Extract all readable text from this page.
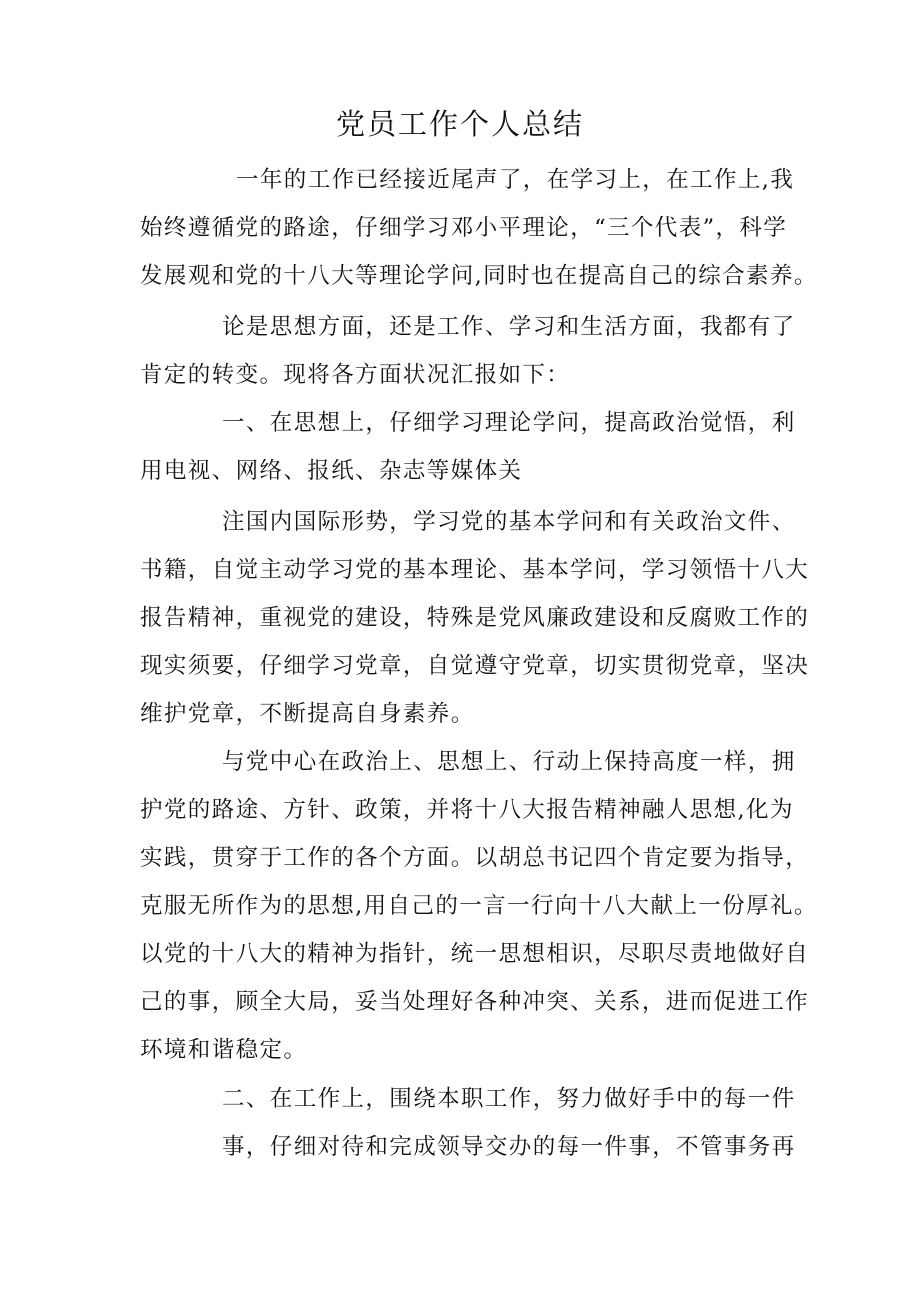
党员工作个人总结
一年的工作已经接近尾声了，在学习上，在工作上,我
始终遵循党的路途，仔细学习邓小平理论，“三个代表”，科学
发展观和党的十八大等理论学问,同时也在提高自己的综合素养。
论是思想方面，还是工作、学习和生活方面，我都有了
肯定的转变。现将各方面状况汇报如下：
一、在思想上，仔细学习理论学问，提高政治觉悟，利
用电视、网络、报纸、杂志等媒体关
注国内国际形势，学习党的基本学问和有关政治文件、
书籍，自觉主动学习党的基本理论、基本学问，学习领悟十八大
报告精神，重视党的建设，特殊是党风廉政建设和反腐败工作的
现实须要，仔细学习党章，自觉遵守党章，切实贯彻党章，坚决
维护党章，不断提高自身素养。
与党中心在政治上、思想上、行动上保持高度一样，拥
护党的路途、方针、政策，并将十八大报告精神融人思想,化为
实践，贯穿于工作的各个方面。以胡总书记四个肯定要为指导，
克服无所作为的思想,用自己的一言一行向十八大献上一份厚礼。
以党的十八大的精神为指针，统一思想相识，尽职尽责地做好自
己的事，顾全大局，妥当处理好各种冲突、关系，进而促进工作
环境和谐稳定。
二、在工作上，围绕本职工作，努力做好手中的每一件
事，仔细对待和完成领导交办的每一件事，不管事务再
